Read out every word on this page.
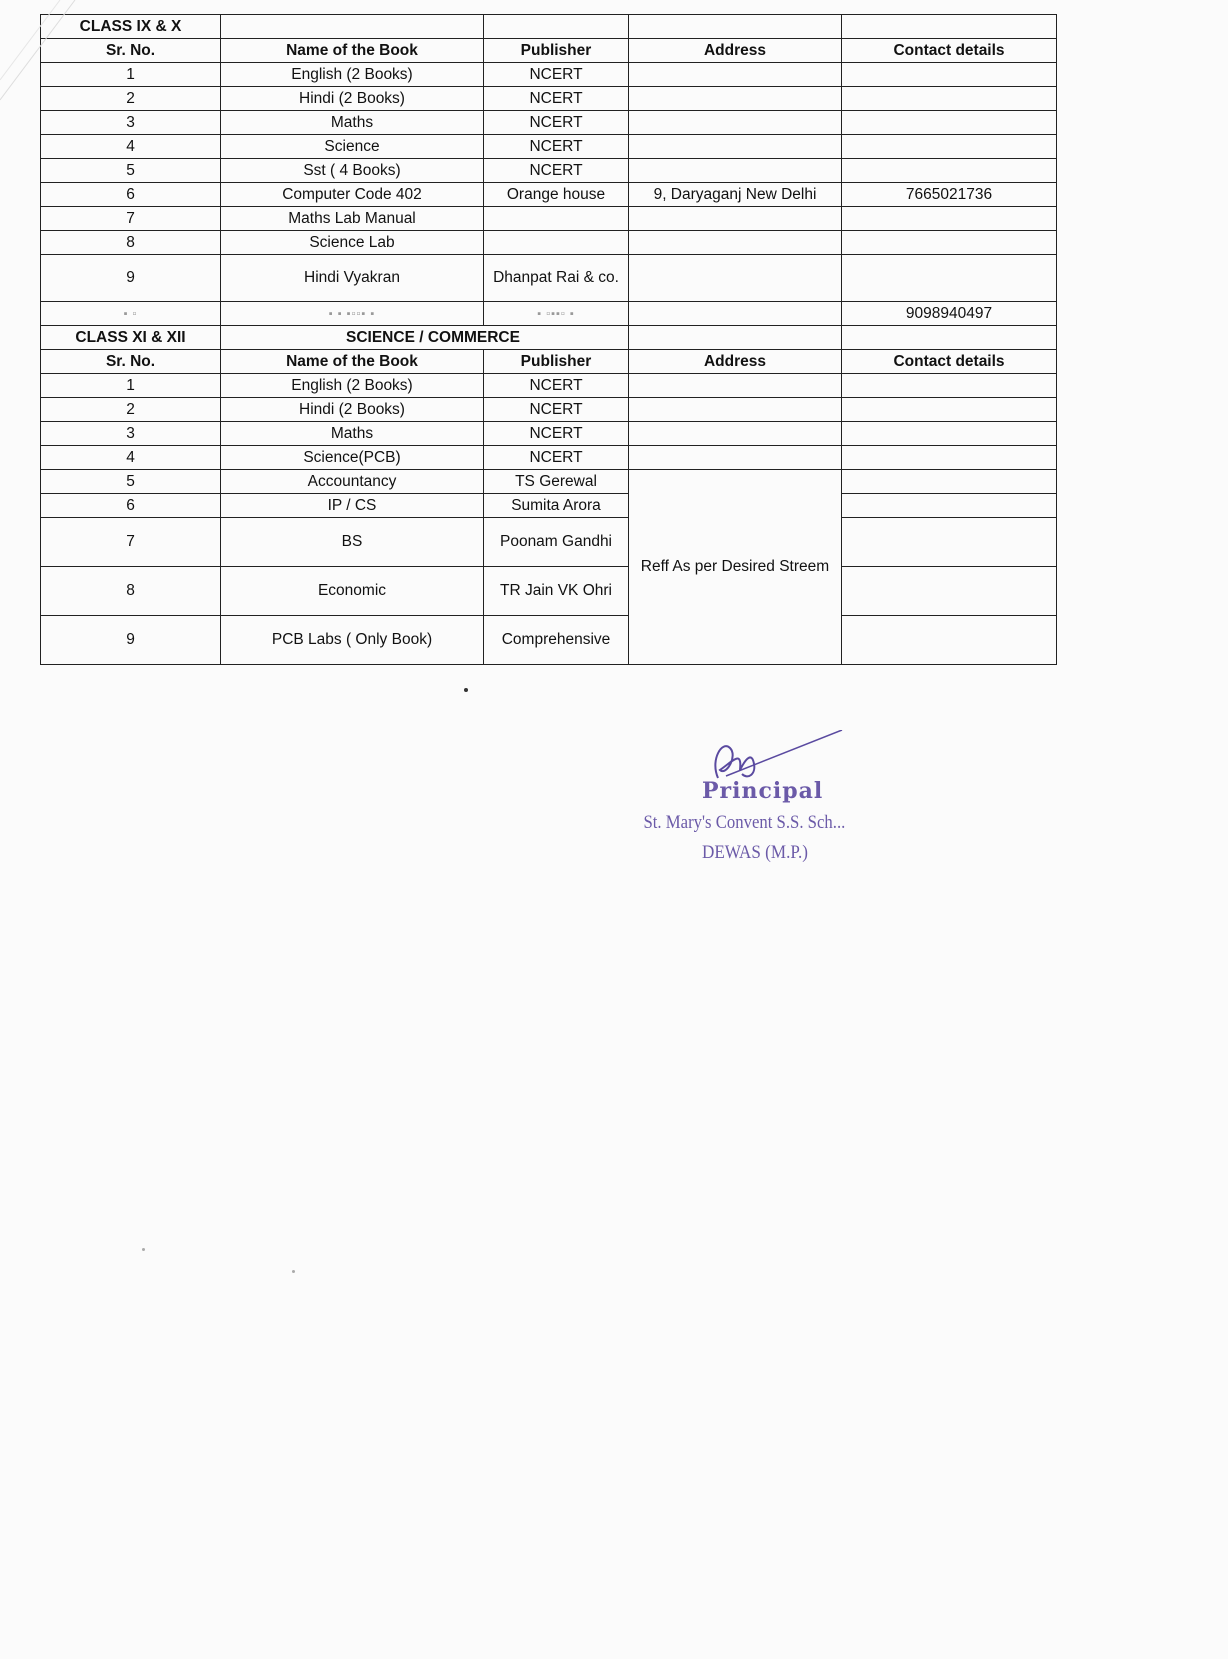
CLASS IX & X				
Sr. No.	Name of the Book	Publisher	Address	Contact details
1	English (2 Books)	NCERT		
2	Hindi (2 Books)	NCERT		
3	Maths	NCERT		
4	Science	NCERT		
5	Sst ( 4 Books)	NCERT		
6	Computer Code 402	Orange house	9, Daryaganj New Delhi	7665021736
7	Maths Lab Manual			
8	Science Lab			
9	Hindi Vyakran	Dhanpat Rai & co.		
▪ ▫	▪ ▪ ▪▫▫▪ ▪	▪ ▫▪▪▫ ▪		9098940497
CLASS XI & XII	SCIENCE / COMMERCE			
Sr. No.	Name of the Book	Publisher	Address	Contact details
1	English (2 Books)	NCERT		
2	Hindi (2 Books)	NCERT		
3	Maths	NCERT		
4	Science(PCB)	NCERT		
5	Accountancy	TS Gerewal	Reff As per Desired Streem	
6	IP / CS	Sumita Arora		
7	BS	Poonam Gandhi		
8	Economic	TR Jain VK Ohri		
9	PCB Labs ( Only Book)	Comprehensive		
Principal
St. Mary's Convent S.S. Sch...
DEWAS (M.P.)
